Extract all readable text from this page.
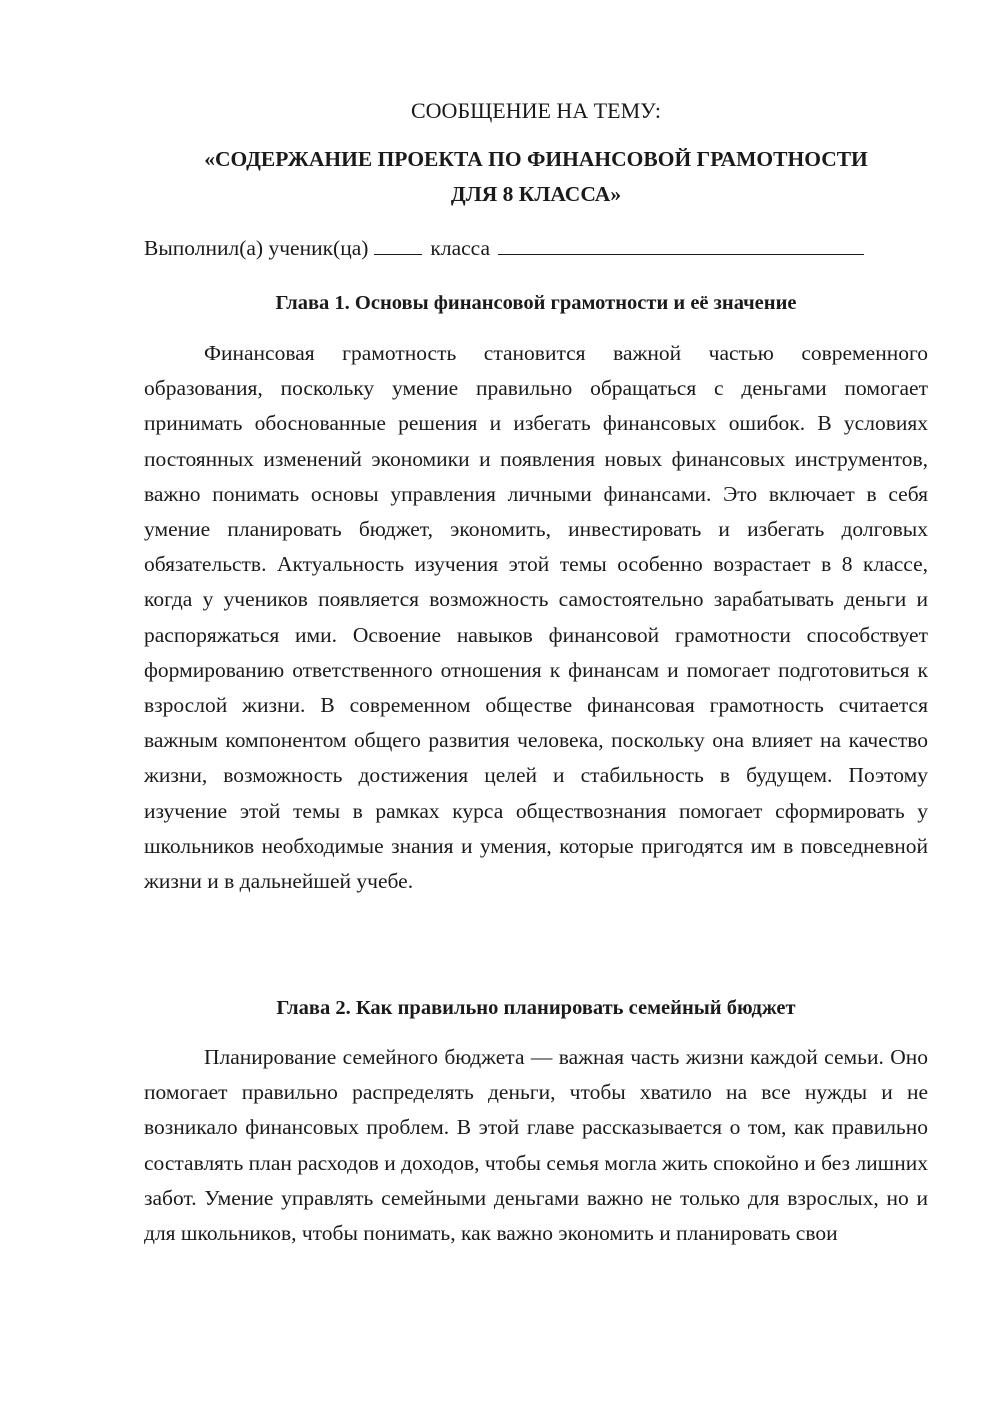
СООБЩЕНИЕ НА ТЕМУ:
«СОДЕРЖАНИЕ ПРОЕКТА ПО ФИНАНСОВОЙ ГРАМОТНОСТИ
ДЛЯ 8 КЛАССА»
Выполнил(а) ученик(ца)	класса
Глава 1. Основы финансовой грамотности и её значение

Финансовая грамотность становится важной частью современного образования, поскольку умение правильно обращаться с деньгами помогает принимать обоснованные решения и избегать финансовых ошибок. В условиях постоянных изменений экономики и появления новых финансовых инструментов, важно понимать основы управления личными финансами. Это включает в себя умение планировать бюджет, экономить, инвестировать и избегать долговых обязательств. Актуальность изучения этой темы особенно возрастает в 8 классе, когда у учеников появляется возможность самостоятельно зарабатывать деньги и распоряжаться ими. Освоение навыков финансовой грамотности способствует формированию ответственного отношения к финансам и помогает подготовиться к взрослой жизни. В современном обществе финансовая грамотность считается важным компонентом общего развития человека, поскольку она влияет на качество жизни, возможность достижения целей и стабильность в будущем. Поэтому изучение этой темы в рамках курса обществознания помогает сформировать у школьников необходимые знания и умения, которые пригодятся им в повседневной жизни и в дальнейшей учебе.

Глава 2. Как правильно планировать семейный бюджет

Планирование семейного бюджета — важная часть жизни каждой семьи. Оно помогает правильно распределять деньги, чтобы хватило на все нужды и не возникало финансовых проблем. В этой главе рассказывается о том, как правильно составлять план расходов и доходов, чтобы семья могла жить спокойно и без лишних забот. Умение управлять семейными деньгами важно не только для взрослых, но и для школьников, чтобы понимать, как важно экономить и планировать свои
